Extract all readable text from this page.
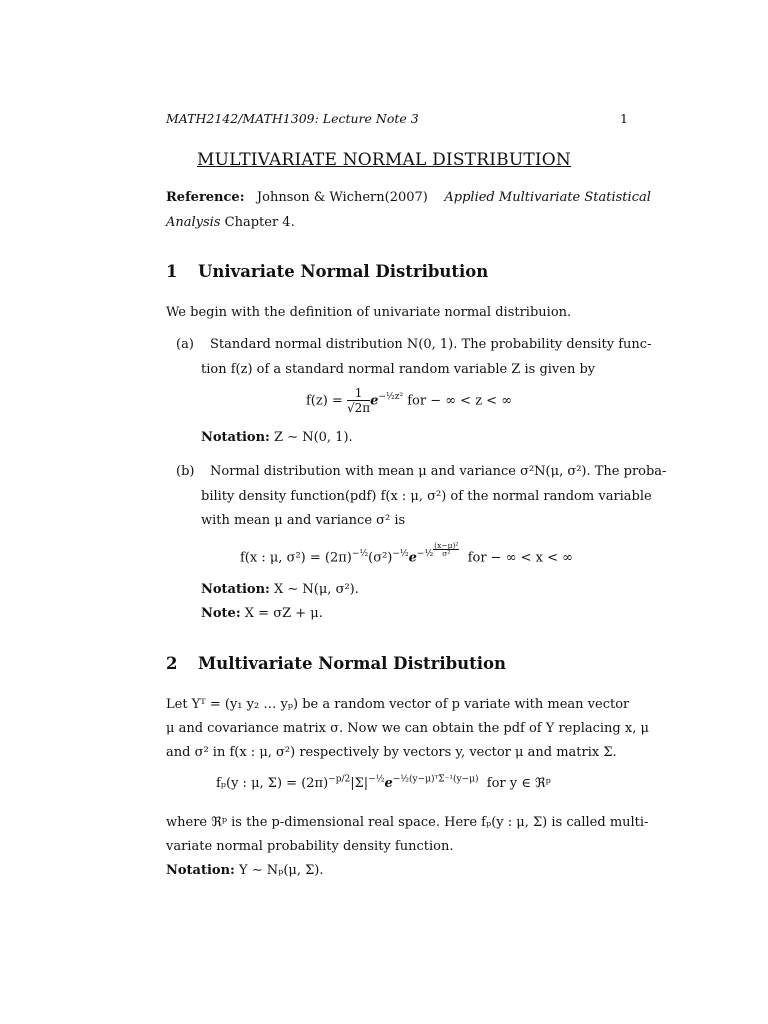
MATH2142/MATH1309: Lecture Note 3	1
MULTIVARIATE NORMAL DISTRIBUTION
Reference: Johnson & Wichern(2007) Applied Multivariate Statistical
Analysis Chapter 4.
1 Univariate Normal Distribution
We begin with the definition of univariate normal distribuion.
(a) Standard normal distribution N(0, 1). The probability density func-
tion f(z) of a standard normal random variable Z is given by
$f(z) = \frac{1}{√2\pi} e^{-\frac{1}{2}z^2}$ for − ∞ < z < ∞
Notation: Z ∼ N(0, 1).
(b) Normal distribution with mean μ and variance σ²N(μ, σ²). The proba-
bility density function(pdf) f(x : μ, σ²) of the normal random variable
with mean μ and variance σ² is
f(x : μ, $\sigma^2) = (2\pi)^{-\frac{1}{2}}(\sigma^2)^{-\frac{1}{2}}e^{-\frac{1}{2}} \frac{\text{(x−μ)²}}{\text{σ²}}$
for − ∞ < x < ∞
Notation: X ∼ N(μ, σ²).
Note: X = σZ + μ.
2 Multivariate Normal Distribution
Let Yᵀ = (y₁ y₂ … yₚ) be a random vector of p variate with mean vector
μ and covariance matrix σ. Now we can obtain the pdf of Y replacing x, μ
and σ² in f(x : μ, σ²) respectively by vectors y, vector μ and matrix Σ.
fₚ(y : μ, $\Sigma) = (2\pi)^{-p/2}|\Sigma|^{-\frac{1}{2}}e^{-\frac{1}{2}(y-\mu)ᵀ\Sigma^{-1}(y-\mu)}$ for y ∈ ℜᵖ
where ℜᵖ is the p-dimensional real space. Here fₚ(y : μ, Σ) is called multi-
variate normal probability density function.
Notation: Y ∼ Nₚ(μ, Σ).
